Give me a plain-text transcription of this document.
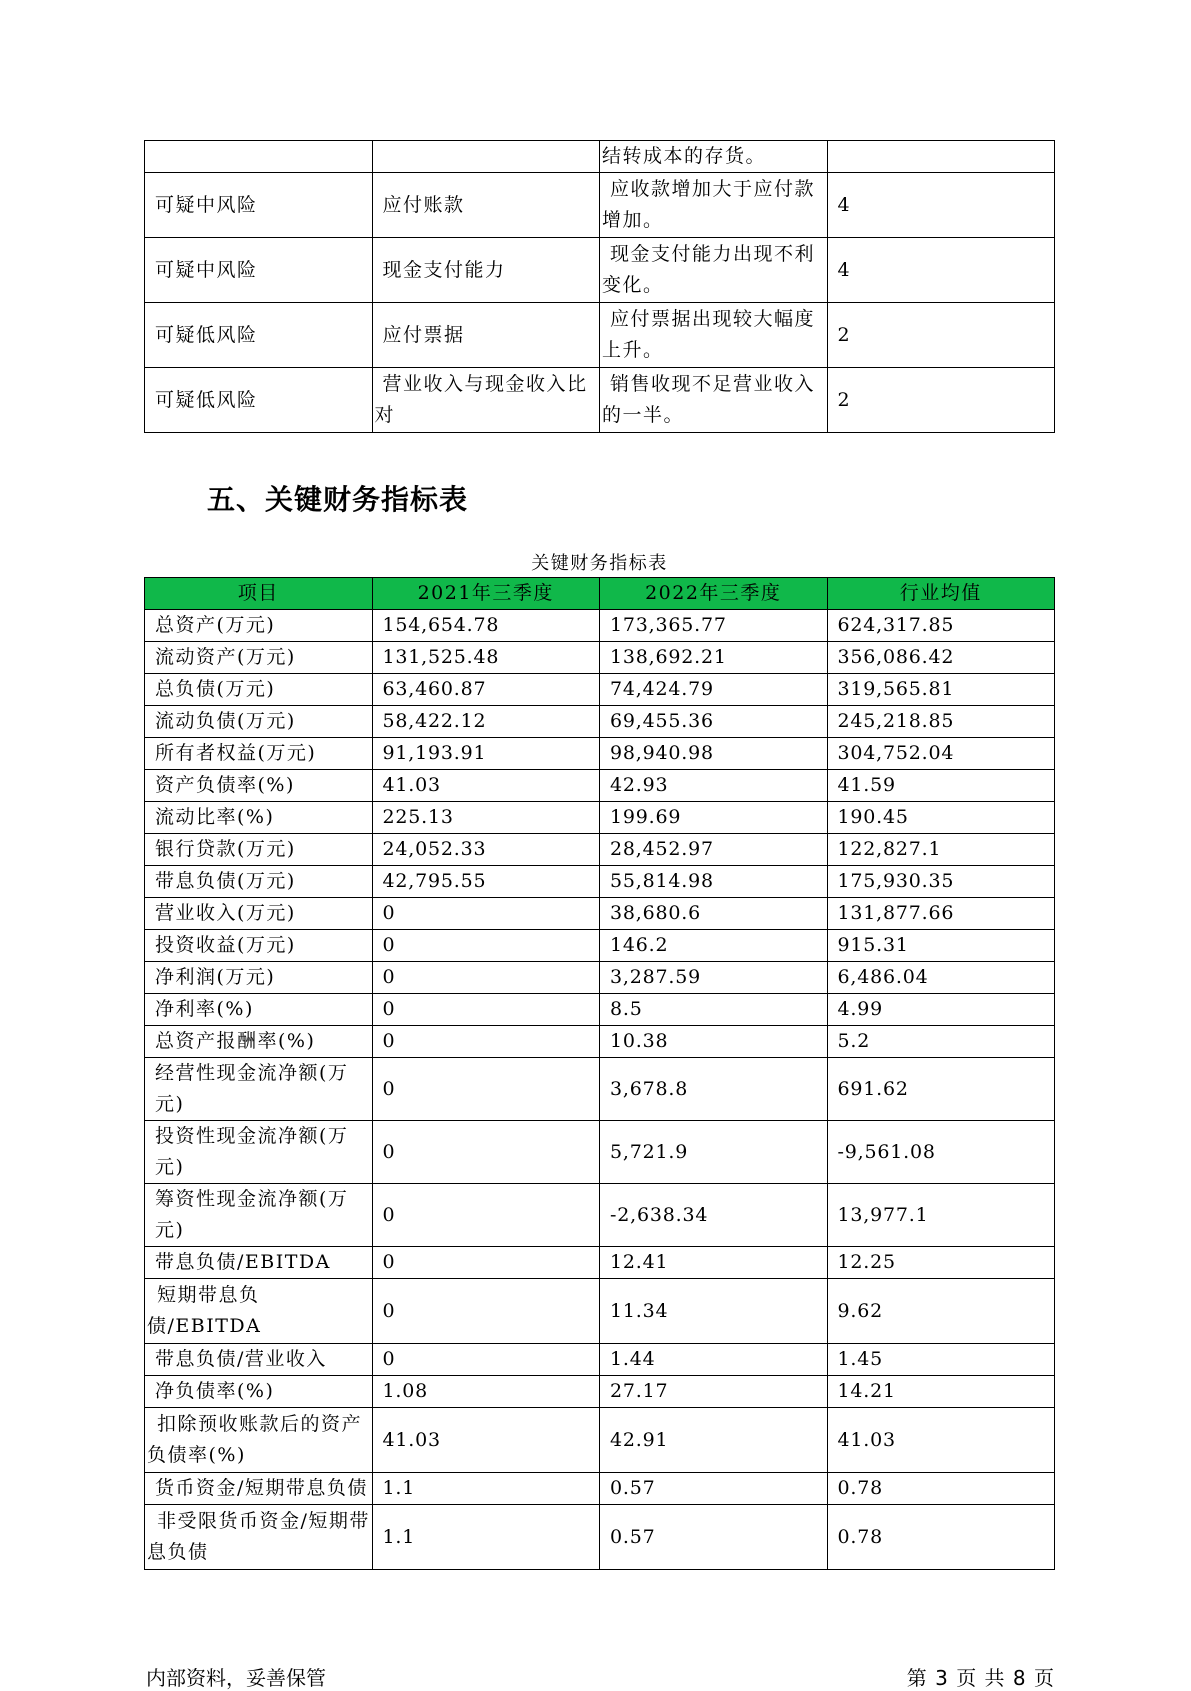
		结转成本的存货。	
可疑中风险	应付账款	应收款增加大于应付款增加。	4
可疑中风险	现金支付能力	现金支付能力出现不利变化。	4
可疑低风险	应付票据	应付票据出现较大幅度上升。	2
可疑低风险	营业收入与现金收入比对	销售收现不足营业收入的一半。	2
五、关键财务指标表
关键财务指标表
项目	2021年三季度	2022年三季度	行业均值
总资产(万元)	154,654.78	173,365.77	624,317.85
流动资产(万元)	131,525.48	138,692.21	356,086.42
总负债(万元)	63,460.87	74,424.79	319,565.81
流动负债(万元)	58,422.12	69,455.36	245,218.85
所有者权益(万元)	91,193.91	98,940.98	304,752.04
资产负债率(%)	41.03	42.93	41.59
流动比率(%)	225.13	199.69	190.45
银行贷款(万元)	24,052.33	28,452.97	122,827.1
带息负债(万元)	42,795.55	55,814.98	175,930.35
营业收入(万元)	0	38,680.6	131,877.66
投资收益(万元)	0	146.2	915.31
净利润(万元)	0	3,287.59	6,486.04
净利率(%)	0	8.5	4.99
总资产报酬率(%)	0	10.38	5.2
经营性现金流净额(万元)	0	3,678.8	691.62
投资性现金流净额(万元)	0	5,721.9	-9,561.08
筹资性现金流净额(万元)	0	-2,638.34	13,977.1
带息负债/EBITDA	0	12.41	12.25
短期带息负债/EBITDA	0	11.34	9.62
带息负债/营业收入	0	1.44	1.45
净负债率(%)	1.08	27.17	14.21
扣除预收账款后的资产负债率(%)	41.03	42.91	41.03
货币资金/短期带息负债	1.1	0.57	0.78
非受限货币资金/短期带息负债	1.1	0.57	0.78
内部资料，妥善保管	第 3 页 共 8 页
